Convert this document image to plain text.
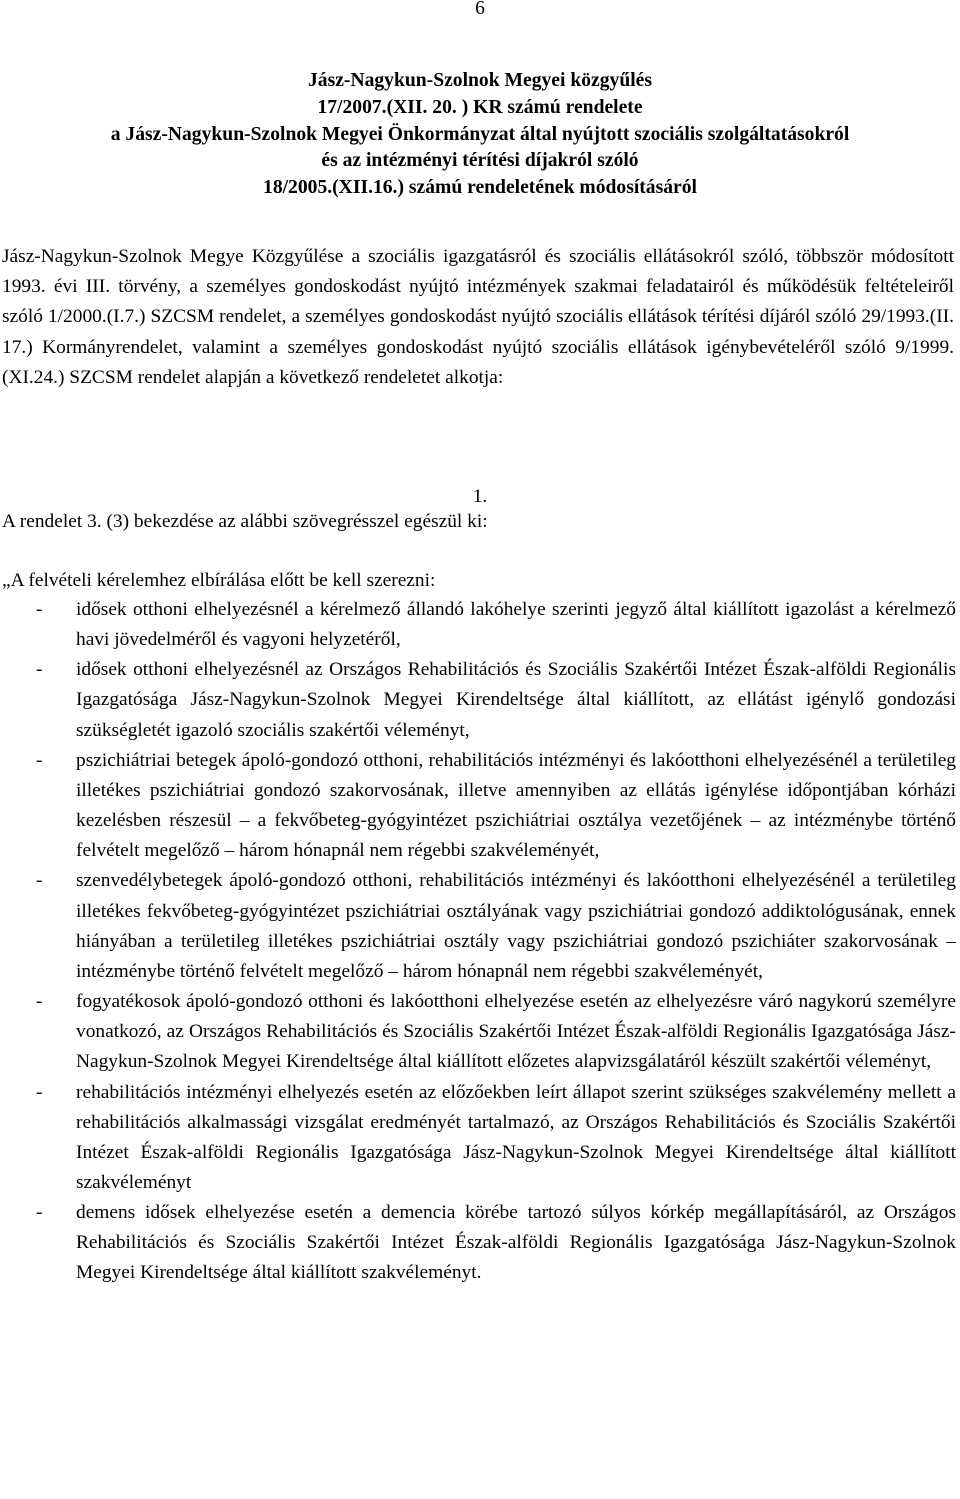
6
Jász-Nagykun-Szolnok Megyei közgyűlés
17/2007.(XII. 20. ) KR számú rendelete
a Jász-Nagykun-Szolnok Megyei Önkormányzat által nyújtott szociális szolgáltatásokról
és az intézményi térítési díjakról szóló
18/2005.(XII.16.) számú rendeletének módosításáról

Jász-Nagykun-Szolnok Megye Közgyűlése a szociális igazgatásról és szociális ellátásokról szóló, többször módosított 1993. évi III. törvény, a személyes gondoskodást nyújtó intézmények szakmai feladatairól és működésük feltételeiről szóló 1/2000.(I.7.) SZCSM rendelet, a személyes gondoskodást nyújtó szociális ellátások térítési díjáról szóló 29/1993.(II. 17.) Kormányrendelet, valamint a személyes gondoskodást nyújtó szociális ellátások igénybevételéről szóló 9/1999.(XI.24.) SZCSM rendelet alapján a következő rendeletet alkotja:

1.
A rendelet 3. (3) bekezdése az alábbi szövegrésszel egészül ki:
„A felvételi kérelemhez elbírálása előtt be kell szerezni:
- idősek otthoni elhelyezésnél a kérelmező állandó lakóhelye szerinti jegyző által kiállított igazolást a kérelmező havi jövedelméről és vagyoni helyzetéről,
- idősek otthoni elhelyezésnél az Országos Rehabilitációs és Szociális Szakértői Intézet Észak-alföldi Regionális Igazgatósága Jász-Nagykun-Szolnok Megyei Kirendeltsége által kiállított, az ellátást igénylő gondozási szükségletét igazoló szociális szakértői véleményt,
- pszichiátriai betegek ápoló-gondozó otthoni, rehabilitációs intézményi és lakóotthoni elhelyezésénél a területileg illetékes pszichiátriai gondozó szakorvosának, illetve amennyiben az ellátás igénylése időpontjában kórházi kezelésben részesül – a fekvőbeteg-gyógyintézet pszichiátriai osztálya vezetőjének – az intézménybe történő felvételt megelőző – három hónapnál nem régebbi szakvéleményét,
- szenvedélybetegek ápoló-gondozó otthoni, rehabilitációs intézményi és lakóotthoni elhelyezésénél a területileg illetékes fekvőbeteg-gyógyintézet pszichiátriai osztályának vagy pszichiátriai gondozó addiktológusának, ennek hiányában a területileg illetékes pszichiátriai osztály vagy pszichiátriai gondozó pszichiáter szakorvosának – intézménybe történő felvételt megelőző – három hónapnál nem régebbi szakvéleményét,
- fogyatékosok ápoló-gondozó otthoni és lakóotthoni elhelyezése esetén az elhelyezésre váró nagykorú személyre vonatkozó, az Országos Rehabilitációs és Szociális Szakértői Intézet Észak-alföldi Regionális Igazgatósága Jász-Nagykun-Szolnok Megyei Kirendeltsége által kiállított előzetes alapvizsgálatáról készült szakértői véleményt,
- rehabilitációs intézményi elhelyezés esetén az előzőekben leírt állapot szerint szükséges szakvélemény mellett a rehabilitációs alkalmassági vizsgálat eredményét tartalmazó, az Országos Rehabilitációs és Szociális Szakértői Intézet Észak-alföldi Regionális Igazgatósága Jász-Nagykun-Szolnok Megyei Kirendeltsége által kiállított szakvéleményt
- demens idősek elhelyezése esetén a demencia körébe tartozó súlyos kórkép megállapításáról, az Országos Rehabilitációs és Szociális Szakértői Intézet Észak-alföldi Regionális Igazgatósága Jász-Nagykun-Szolnok Megyei Kirendeltsége által kiállított szakvéleményt.
